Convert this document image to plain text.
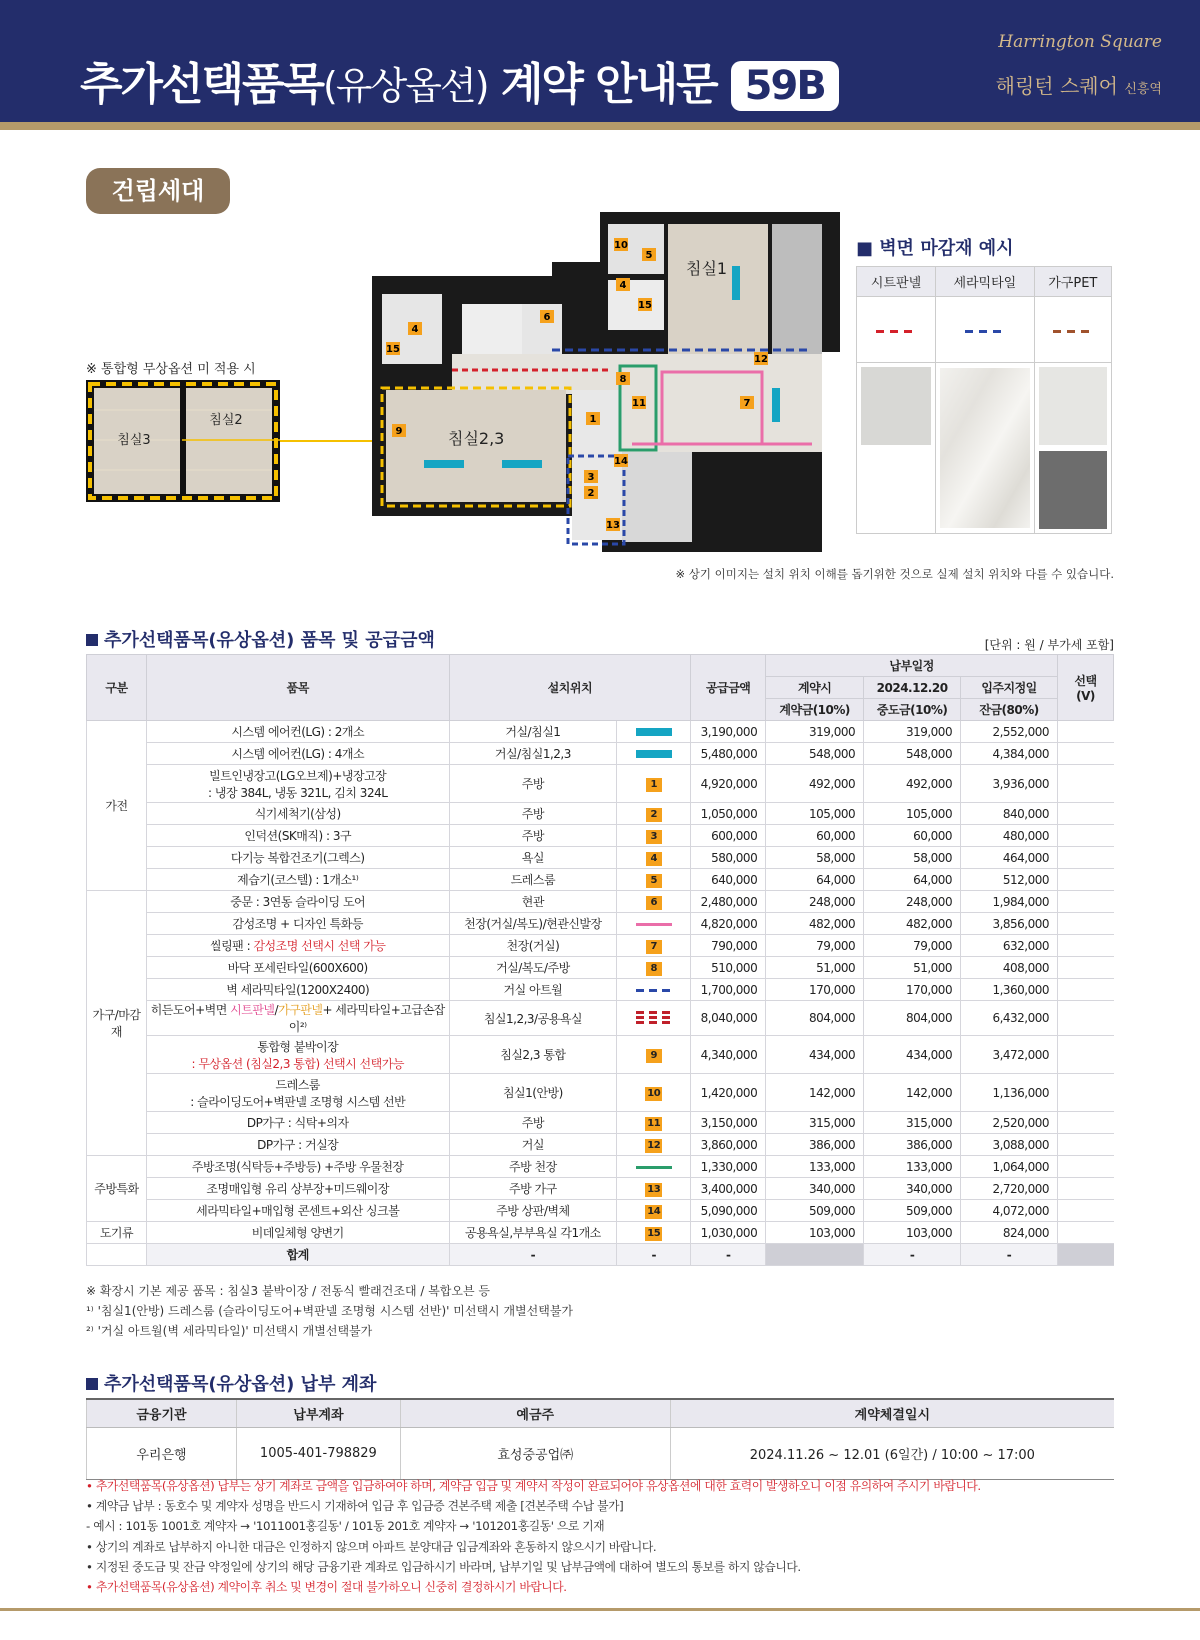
추가선택품목(유상옵션) 계약 안내문 59B
Harrington Square
해링턴 스퀘어 신흥역
건립세대
※ 통합형 무상옵션 미 적용 시
침실3
침실2
침실1
침실2,3
10
5
4
15
6
4
15
12
8
11	7
9
1
14
3
2
13
※ 상기 이미지는 설치 위치 이해를 돕기위한 것으로 실제 설치 위치와 다를 수 있습니다.
■ 벽면 마감재 예시
시트판넬	세라믹타일	가구PET

추가선택품목(유상옵션) 품목 및 공급금액	[단위 : 원 / 부가세 포함]
구분	품목	설치위치		공급금액	납부일정			선택
(V)
					계약시	2024.12.20	입주지정일	
					계약금(10%)	중도금(10%)	잔금(80%)	
가전	시스템 에어컨(LG) : 2개소	거실/침실1		3,190,000	319,000	319,000	2,552,000	
	시스템 에어컨(LG) : 4개소	거실/침실1,2,3		5,480,000	548,000	548,000	4,384,000	
	빌트인냉장고(LG오브제)+냉장고장
: 냉장 384L, 냉동 321L, 김치 324L	주방	1	4,920,000	492,000	492,000	3,936,000	
	식기세척기(삼성)	주방	2	1,050,000	105,000	105,000	840,000	
	인덕션(SK매직) : 3구	주방	3	600,000	60,000	60,000	480,000	
	다기능 복합건조기(그렉스)	욕실	4	580,000	58,000	58,000	464,000	
	제습기(코스텔) : 1개소¹⁾	드레스룸	5	640,000	64,000	64,000	512,000	
가구/마감재	중문 : 3연동 슬라이딩 도어	현관	6	2,480,000	248,000	248,000	1,984,000	
	감성조명 + 디자인 특화등	천장(거실/복도)/현관신발장		4,820,000	482,000	482,000	3,856,000	
	씰링팬 : 감성조명 선택시 선택 가능	천장(거실)	7	790,000	79,000	79,000	632,000	
	바닥 포세린타일(600X600)	거실/복도/주방	8	510,000	51,000	51,000	408,000	
	벽 세라믹타일(1200X2400)	거실 아트월		1,700,000	170,000	170,000	1,360,000	
	히든도어+벽면 시트판넬/가구판넬+ 세라믹타일+고급손잡이²⁾	침실1,2,3/공용욕실		8,040,000	804,000	804,000	6,432,000	
	통합형 붙박이장
: 무상옵션 (침실2,3 통합) 선택시 선택가능	침실2,3 통합	9	4,340,000	434,000	434,000	3,472,000	
	드레스룸
: 슬라이딩도어+벽판넬 조명형 시스템 선반	침실1(안방)	10	1,420,000	142,000	142,000	1,136,000	
	DP가구 : 식탁+의자	주방	11	3,150,000	315,000	315,000	2,520,000	
	DP가구 : 거실장	거실	12	3,860,000	386,000	386,000	3,088,000	
주방특화	주방조명(식탁등+주방등) +주방 우물천장	주방 천장		1,330,000	133,000	133,000	1,064,000	
	조명매입형 유리 상부장+미드웨이장	주방 가구	13	3,400,000	340,000	340,000	2,720,000	
	세라믹타일+매입형 콘센트+외산 싱크볼	주방 상판/벽체	14	5,090,000	509,000	509,000	4,072,000	
도기류	비데일체형 양변기	공용욕실,부부욕실 각1개소	15	1,030,000	103,000	103,000	824,000	
	합계	-	-	-		-	-	
※ 확장시 기본 제공 품목 : 침실3 붙박이장 / 전동식 빨래건조대 / 복합오븐 등
¹⁾ '침실1(안방) 드레스룸 (슬라이딩도어+벽판넬 조명형 시스템 선반)' 미선택시 개별선택불가
²⁾ '거실 아트월(벽 세라믹타일)' 미선택시 개별선택불가
추가선택품목(유상옵션) 납부 계좌
금융기관	납부계좌	예금주	계약체결일시
우리은행	1005-401-798829	효성중공업㈜	2024.11.26 ~ 12.01 (6일간) / 10:00 ~ 17:00
• 추가선택품목(유상옵션) 납부는 상기 계좌로 금액을 입금하여야 하며, 계약금 입금 및 계약서 작성이 완료되어야 유상옵션에 대한 효력이 발생하오니 이점 유의하여 주시기 바랍니다.
• 계약금 납부 : 동호수 및 계약자 성명을 반드시 기재하여 입금 후 입금증 견본주택 제출 [견본주택 수납 불가]
- 예시 : 101동 1001호 계약자 → '1011001홍길동' / 101동 201호 계약자 → '101201홍길동' 으로 기재
• 상기의 계좌로 납부하지 아니한 대금은 인정하지 않으며 아파트 분양대금 입금계좌와 혼동하지 않으시기 바랍니다.
• 지정된 중도금 및 잔금 약정일에 상기의 해당 금융기관 계좌로 입금하시기 바라며, 납부기일 및 납부금액에 대하여 별도의 통보를 하지 않습니다.
• 추가선택품목(유상옵션) 계약이후 취소 및 변경이 절대 불가하오니 신중히 결정하시기 바랍니다.
